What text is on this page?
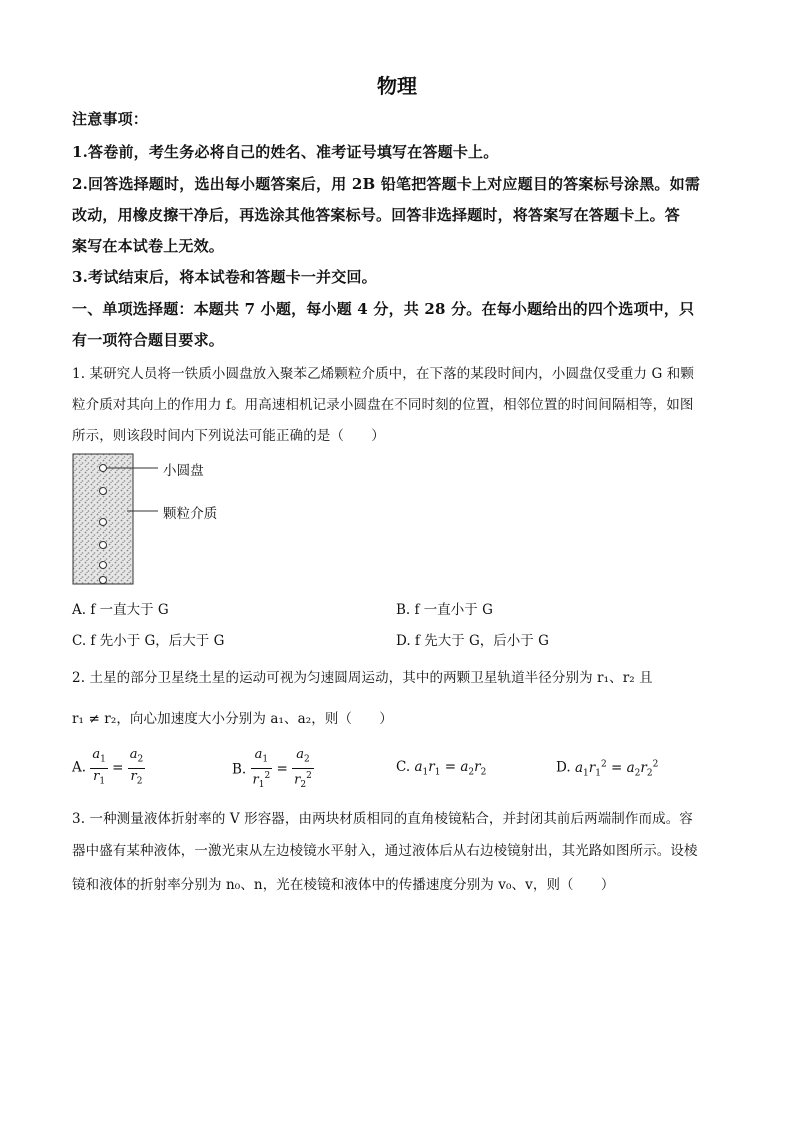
物理
注意事项：
1.答卷前，考生务必将自己的姓名、准考证号填写在答题卡上。
2.回答选择题时，选出每小题答案后，用 2B 铅笔把答题卡上对应题目的答案标号涂黑。如需
改动，用橡皮擦干净后，再选涂其他答案标号。回答非选择题时，将答案写在答题卡上。答
案写在本试卷上无效。
3.考试结束后，将本试卷和答题卡一并交回。
一、单项选择题：本题共 7 小题，每小题 4 分，共 28 分。在每小题给出的四个选项中，只
有一项符合题目要求。
1. 某研究人员将一铁质小圆盘放入聚苯乙烯颗粒介质中，在下落的某段时间内，小圆盘仅受重力 G 和颗
粒介质对其向上的作用力 f。用高速相机记录小圆盘在不同时刻的位置，相邻位置的时间间隔相等，如图
所示，则该段时间内下列说法可能正确的是（　　）
小圆盘
颗粒介质
A. f 一直大于 G	B. f 一直小于 G
C. f 先小于 G，后大于 G	D. f 先大于 G，后小于 G
2. 土星的部分卫星绕土星的运动可视为匀速圆周运动，其中的两颗卫星轨道半径分别为 r₁、r₂ 且
r₁ ≠ r₂，向心加速度大小分别为 a₁、a₂，则（　　）
A. $\frac{a_1}{r_1} = \frac{a_2}{r_2}$	B. $\frac{a_1}{r_1^2} = \frac{a_2}{r_2^2}$	C. $a_1r_1 = a_2r_2$	D. $a_1r_1^2 = a_2r_2^2$
3. 一种测量液体折射率的 V 形容器，由两块材质相同的直角棱镜粘合，并封闭其前后两端制作而成。容
器中盛有某种液体，一激光束从左边棱镜水平射入，通过液体后从右边棱镜射出，其光路如图所示。设棱
镜和液体的折射率分别为 n₀、n，光在棱镜和液体中的传播速度分别为 v₀、v，则（　　）
